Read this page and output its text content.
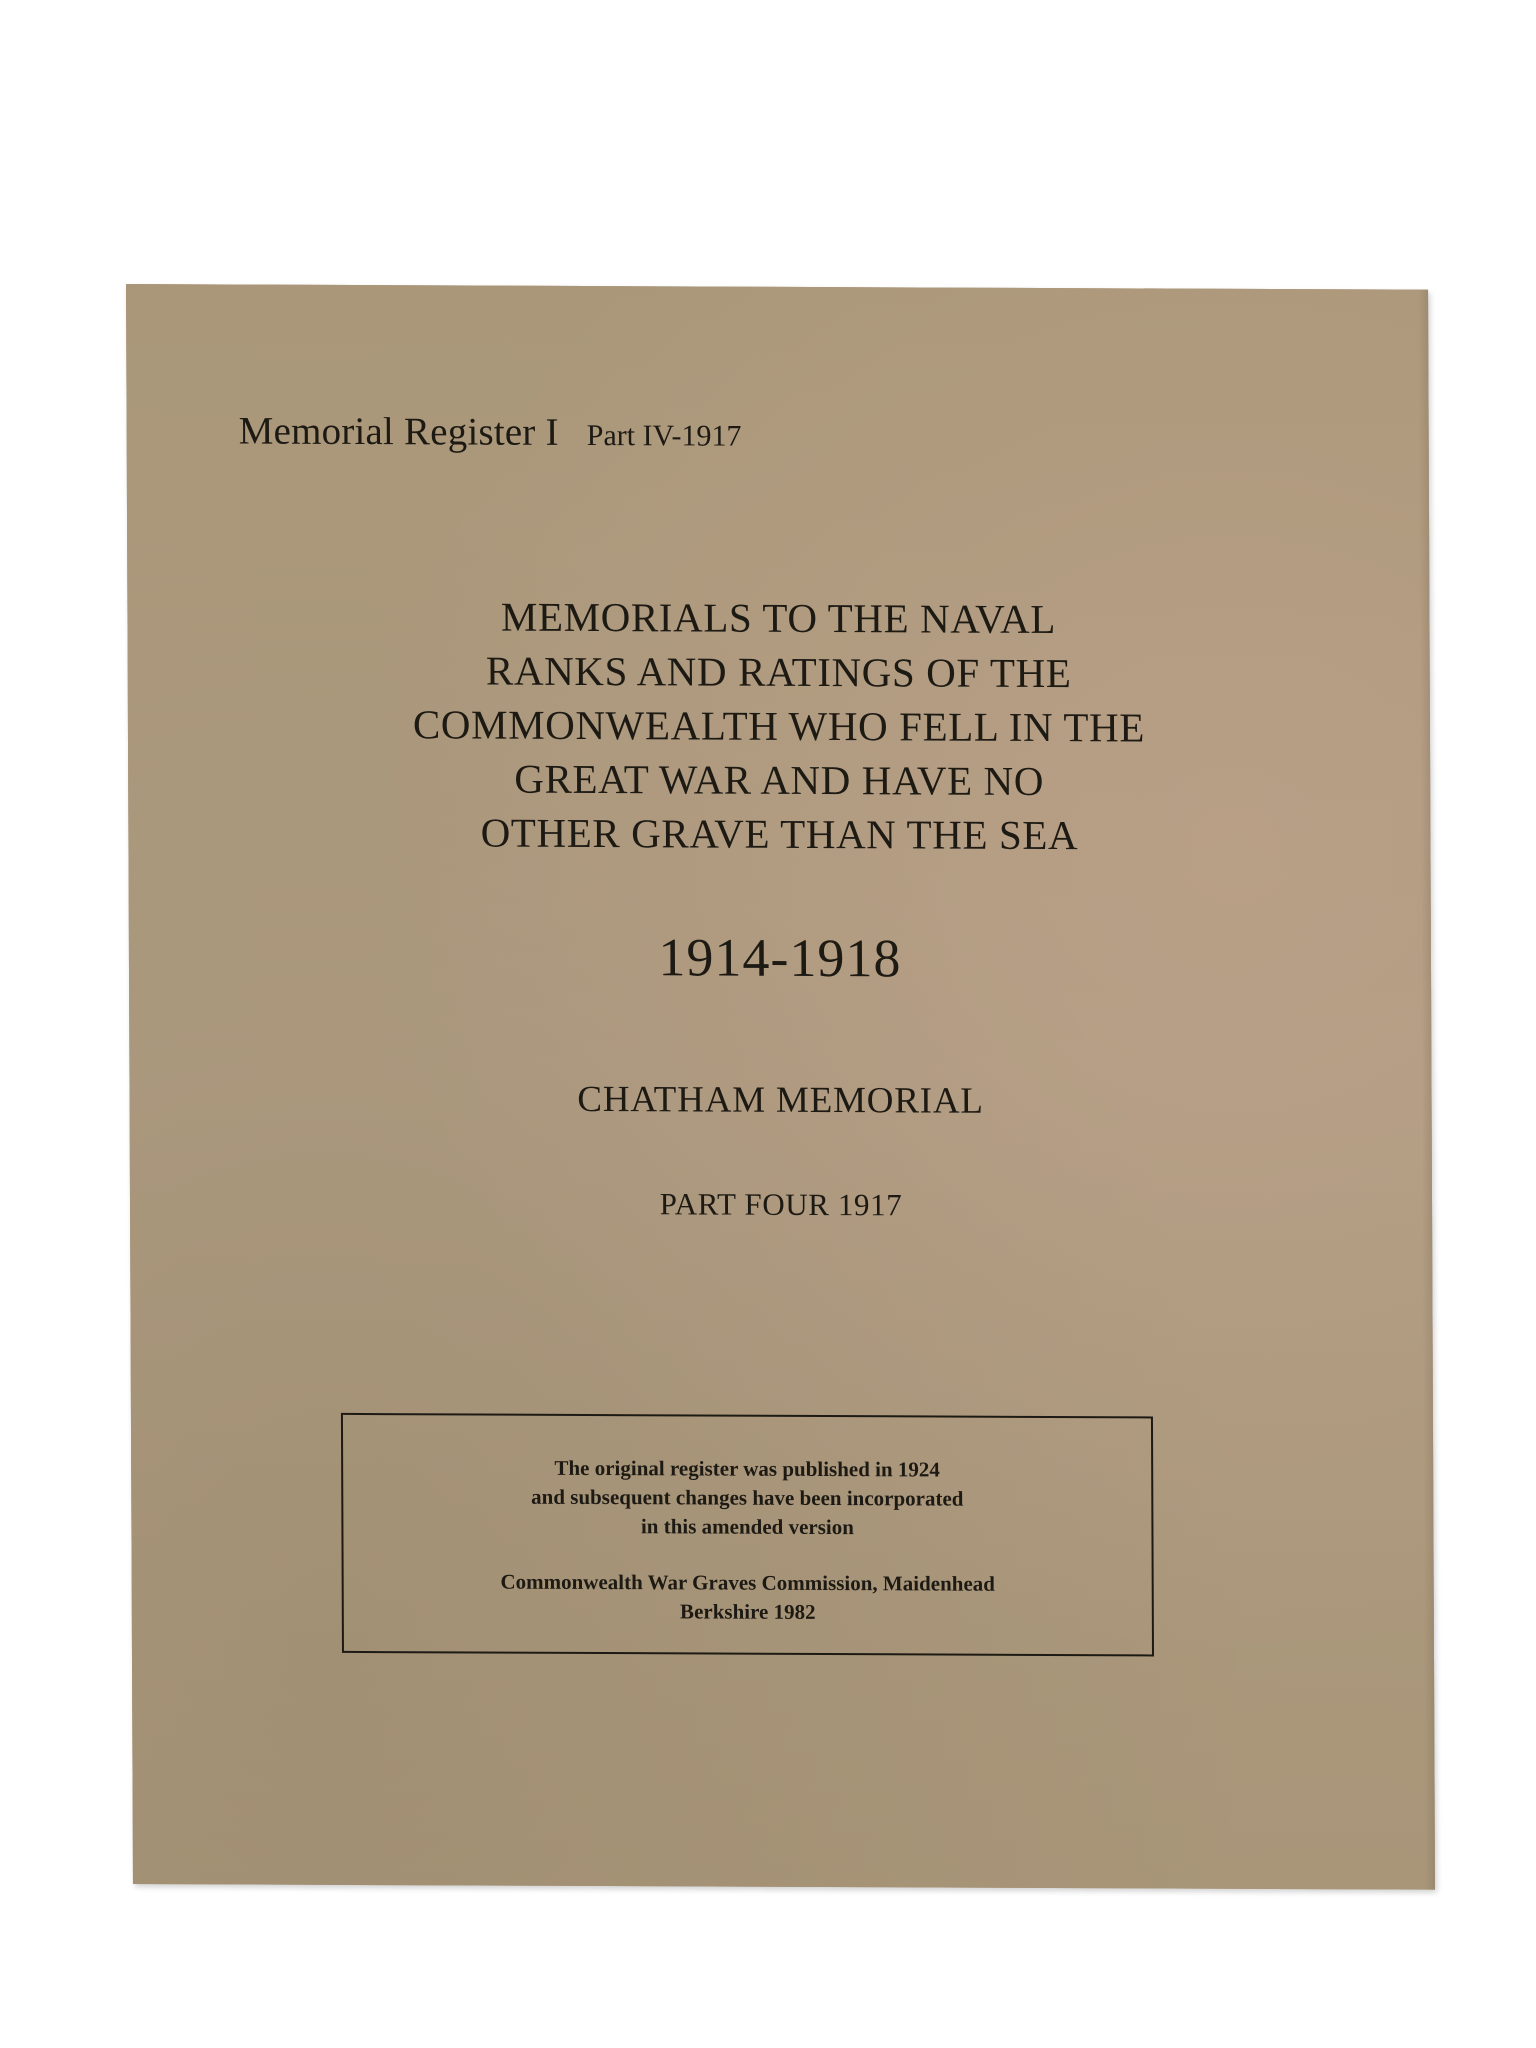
Memorial Register I Part IV-1917
MEMORIALS TO THE NAVAL
RANKS AND RATINGS OF THE
COMMONWEALTH WHO FELL IN THE
GREAT WAR AND HAVE NO
OTHER GRAVE THAN THE SEA
1914-1918
CHATHAM MEMORIAL
PART FOUR 1917
The original register was published in 1924
and subsequent changes have been incorporated
in this amended version
Commonwealth War Graves Commission, Maidenhead
Berkshire 1982
